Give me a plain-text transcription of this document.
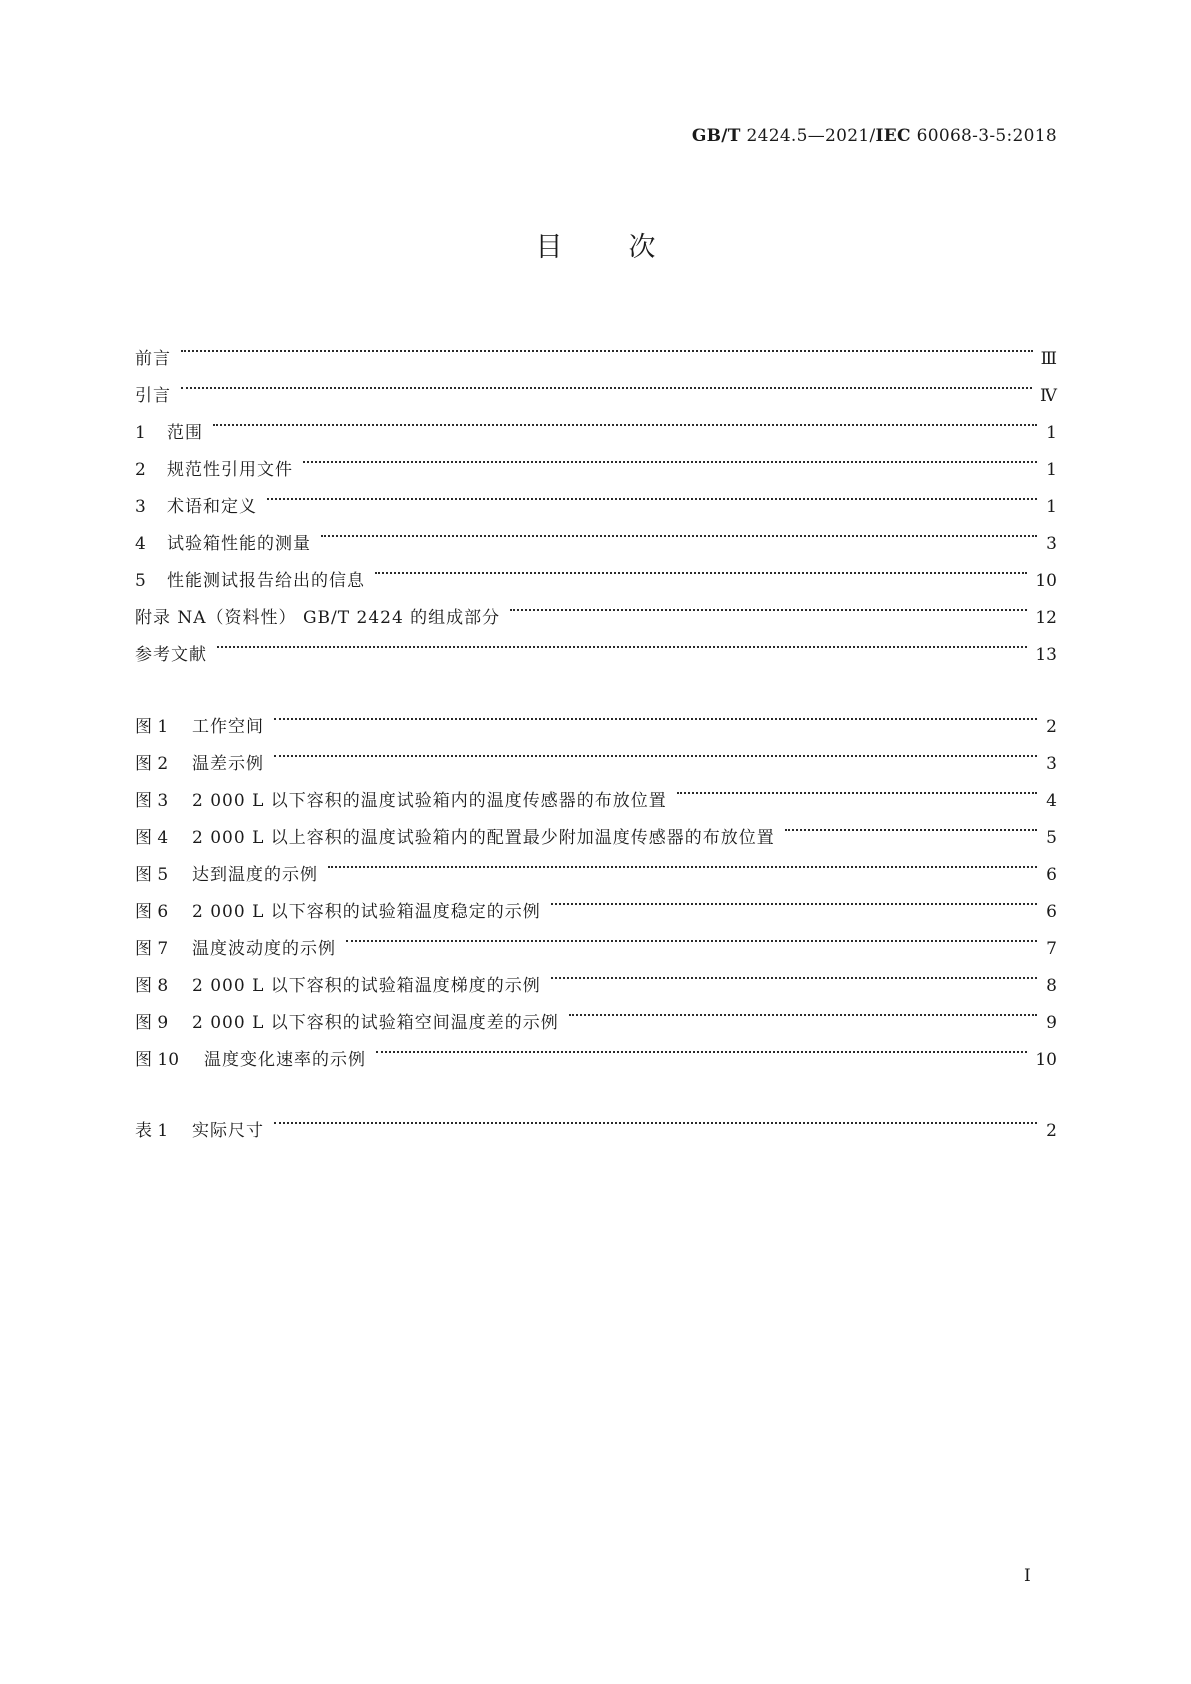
GB/T 2424.5—2021/IEC 60068-3-5:2018
目 次
前言	Ⅲ
引言	Ⅳ
1	范围	1
2	规范性引用文件	1
3	术语和定义	1
4	试验箱性能的测量	3
5	性能测试报告给出的信息	10
附录 NA（资料性） GB/T 2424 的组成部分	12
参考文献	13
图 1	工作空间	2
图 2	温差示例	3
图 3	2 000 L 以下容积的温度试验箱内的温度传感器的布放位置	4
图 4	2 000 L 以上容积的温度试验箱内的配置最少附加温度传感器的布放位置	5
图 5	达到温度的示例	6
图 6	2 000 L 以下容积的试验箱温度稳定的示例	6
图 7	温度波动度的示例	7
图 8	2 000 L 以下容积的试验箱温度梯度的示例	8
图 9	2 000 L 以下容积的试验箱空间温度差的示例	9
图 10	温度变化速率的示例	10
表 1	实际尺寸	2
I
